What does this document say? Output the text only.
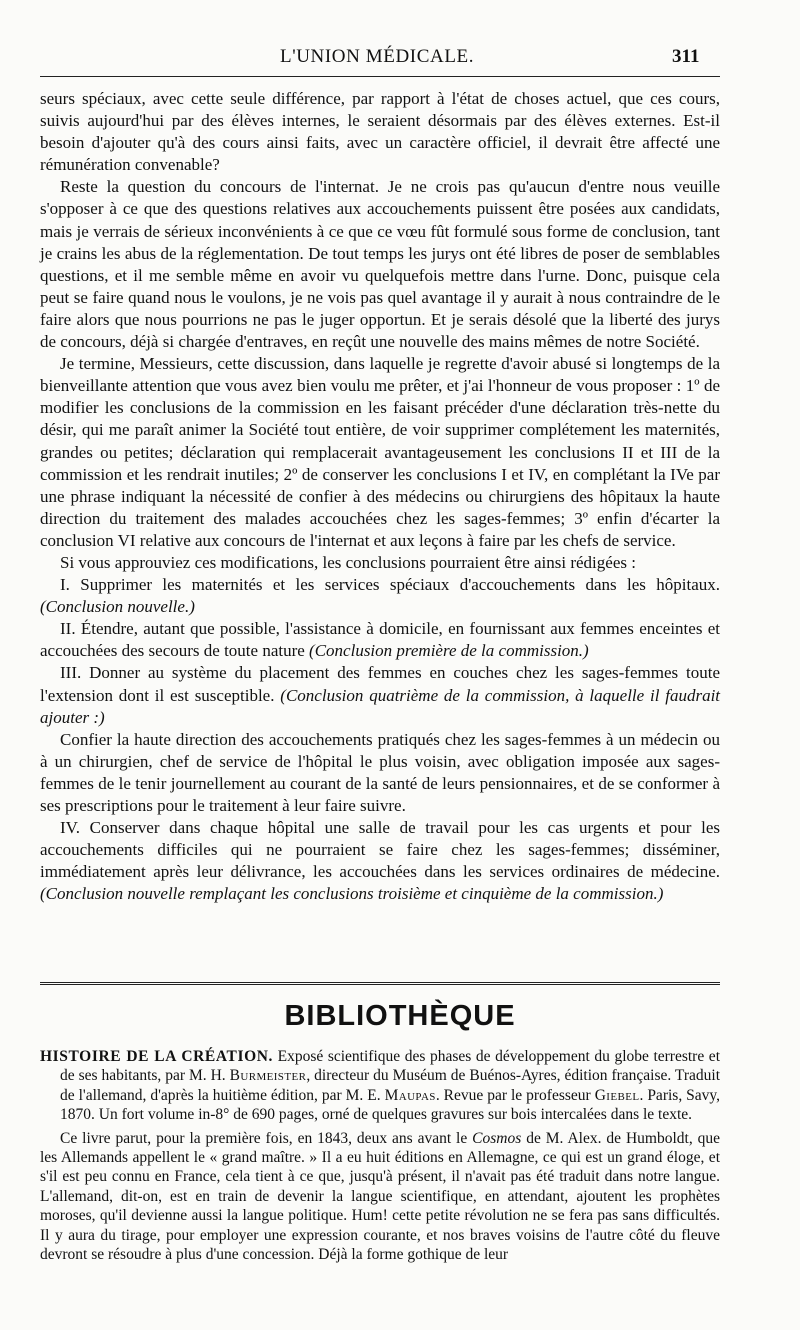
L'UNION MÉDICALE.	311

seurs spéciaux, avec cette seule différence, par rapport à l'état de choses actuel, que ces cours, suivis aujourd'hui par des élèves internes, le seraient désormais par des élèves externes. Est-il besoin d'ajouter qu'à des cours ainsi faits, avec un caractère officiel, il devrait être affecté une rémunération convenable?

Reste la question du concours de l'internat. Je ne crois pas qu'aucun d'entre nous veuille s'opposer à ce que des questions relatives aux accouchements puissent être posées aux candidats, mais je verrais de sérieux inconvénients à ce que ce vœu fût formulé sous forme de conclusion, tant je crains les abus de la réglementation. De tout temps les jurys ont été libres de poser de semblables questions, et il me semble même en avoir vu quelquefois mettre dans l'urne. Donc, puisque cela peut se faire quand nous le voulons, je ne vois pas quel avantage il y aurait à nous contraindre de le faire alors que nous pourrions ne pas le juger opportun. Et je serais désolé que la liberté des jurys de concours, déjà si chargée d'entraves, en reçût une nouvelle des mains mêmes de notre Société.

Je termine, Messieurs, cette discussion, dans laquelle je regrette d'avoir abusé si longtemps de la bienveillante attention que vous avez bien voulu me prêter, et j'ai l'honneur de vous proposer : 1º de modifier les conclusions de la commission en les faisant précéder d'une déclaration très-nette du désir, qui me paraît animer la Société tout entière, de voir supprimer complétement les maternités, grandes ou petites; déclaration qui remplacerait avantageusement les conclusions II et III de la commission et les rendrait inutiles; 2º de conserver les conclusions I et IV, en complétant la IVe par une phrase indiquant la nécessité de confier à des médecins ou chirurgiens des hôpitaux la haute direction du traitement des malades accouchées chez les sages-femmes; 3º enfin d'écarter la conclusion VI relative aux concours de l'internat et aux leçons à faire par les chefs de service.

Si vous approuviez ces modifications, les conclusions pourraient être ainsi rédigées :

I. Supprimer les maternités et les services spéciaux d'accouchements dans les hôpitaux. (Conclusion nouvelle.)

II. Étendre, autant que possible, l'assistance à domicile, en fournissant aux femmes enceintes et accouchées des secours de toute nature (Conclusion première de la commission.)

III. Donner au système du placement des femmes en couches chez les sages-femmes toute l'extension dont il est susceptible. (Conclusion quatrième de la commission, à laquelle il faudrait ajouter :)

Confier la haute direction des accouchements pratiqués chez les sages-femmes à un médecin ou à un chirurgien, chef de service de l'hôpital le plus voisin, avec obligation imposée aux sages-femmes de le tenir journellement au courant de la santé de leurs pensionnaires, et de se conformer à ses prescriptions pour le traitement à leur faire suivre.

IV. Conserver dans chaque hôpital une salle de travail pour les cas urgents et pour les accouchements difficiles qui ne pourraient se faire chez les sages-femmes; disséminer, immédiatement après leur délivrance, les accouchées dans les services ordinaires de médecine. (Conclusion nouvelle remplaçant les conclusions troisième et cinquième de la commission.)

BIBLIOTHÈQUE

HISTOIRE DE LA CRÉATION. Exposé scientifique des phases de développement du globe terrestre et de ses habitants, par M. H. Burmeister, directeur du Muséum de Buénos-Ayres, édition française. Traduit de l'allemand, d'après la huitième édition, par M. E. Maupas. Revue par le professeur Giebel. Paris, Savy, 1870. Un fort volume in-8° de 690 pages, orné de quelques gravures sur bois intercalées dans le texte.

Ce livre parut, pour la première fois, en 1843, deux ans avant le Cosmos de M. Alex. de Humboldt, que les Allemands appellent le « grand maître. » Il a eu huit éditions en Allemagne, ce qui est un grand éloge, et s'il est peu connu en France, cela tient à ce que, jusqu'à présent, il n'avait pas été traduit dans notre langue. L'allemand, dit-on, est en train de devenir la langue scientifique, en attendant, ajoutent les prophètes moroses, qu'il devienne aussi la langue politique. Hum! cette petite révolution ne se fera pas sans difficultés. Il y aura du tirage, pour employer une expression courante, et nos braves voisins de l'autre côté du fleuve devront se résoudre à plus d'une concession. Déjà la forme gothique de leur
